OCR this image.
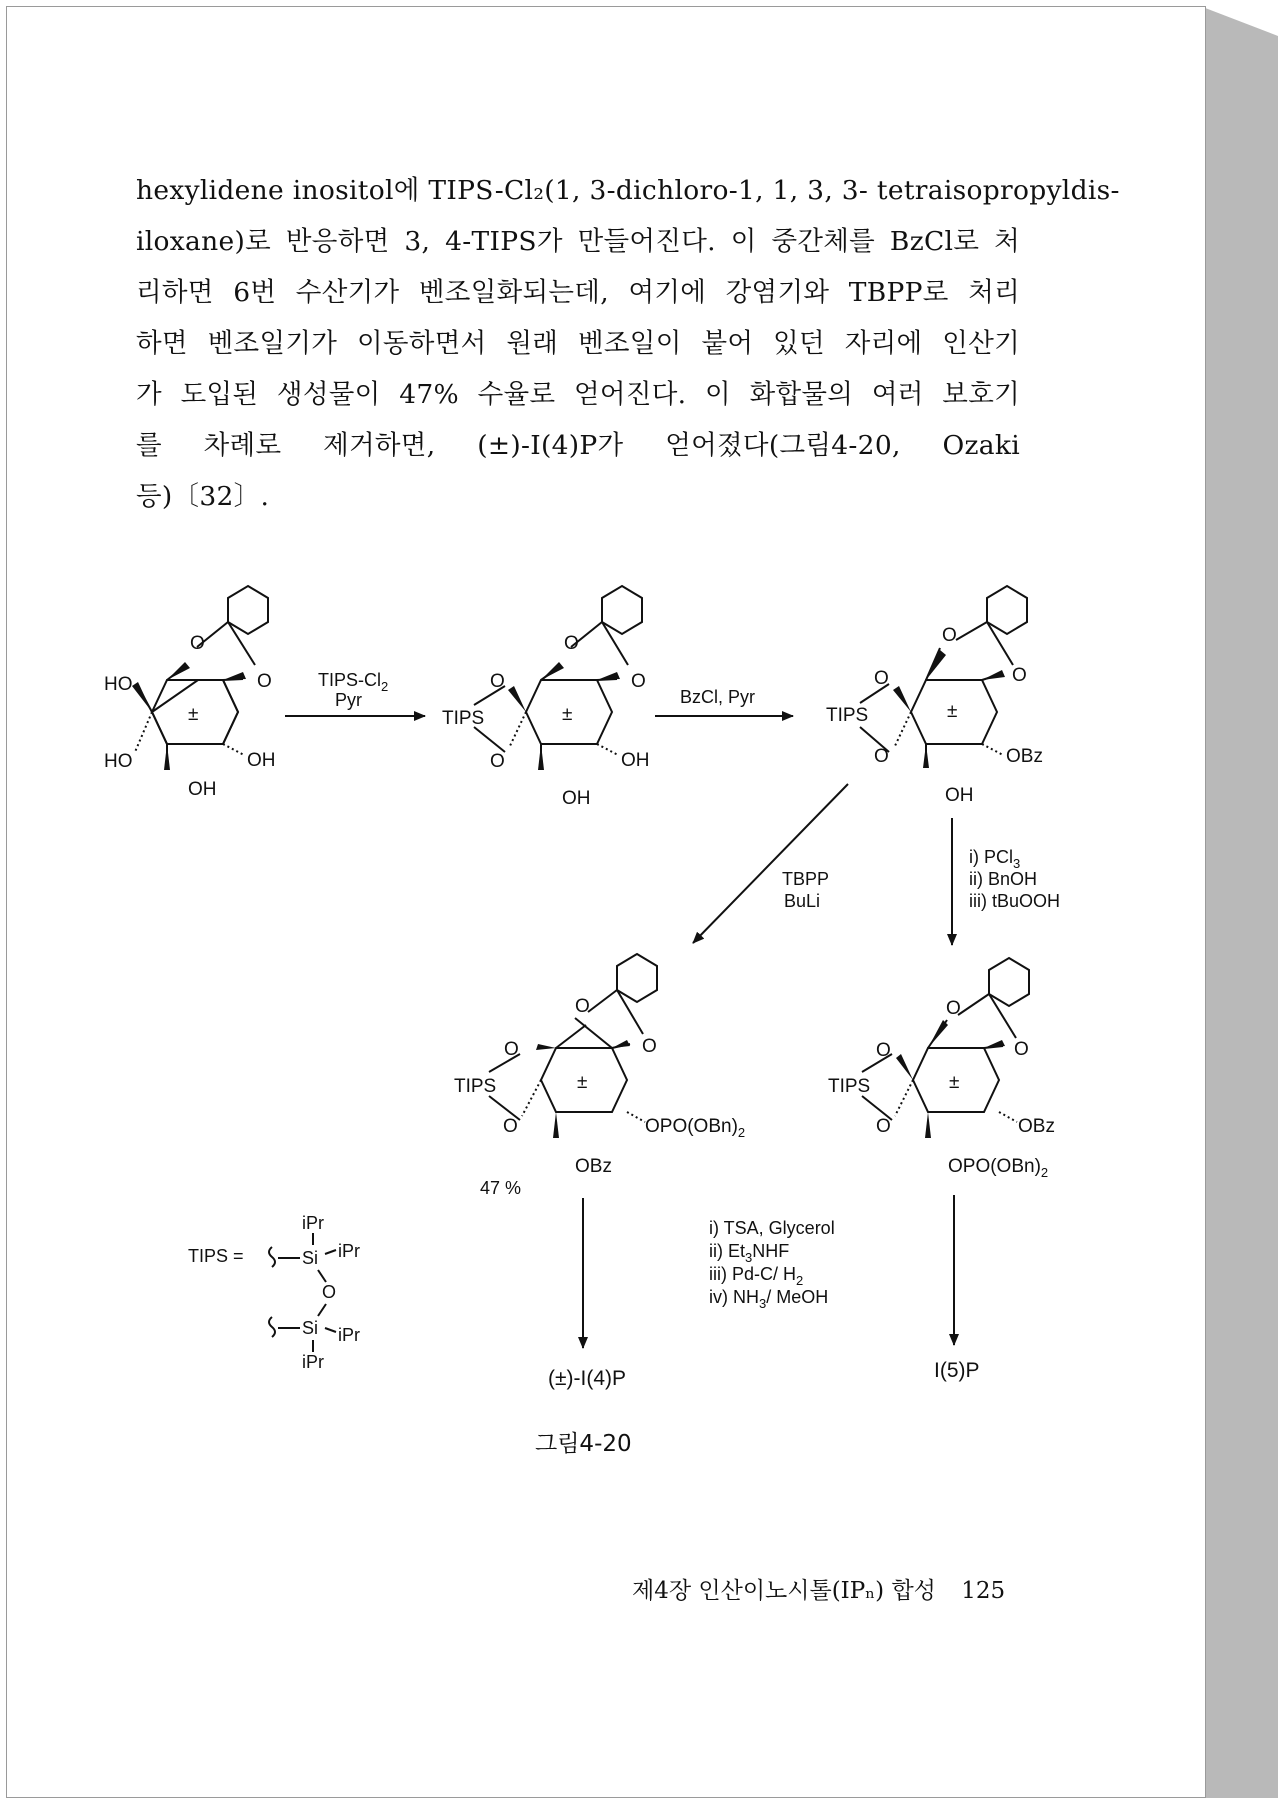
hexylidene inositol에 TIPS-Cl₂(1, 3-dichloro-1, 1, 3, 3- tetraisopropyldis-
iloxane)로 반응하면 3, 4-TIPS가 만들어진다. 이 중간체를 BzCl로 처
리하면 6번 수산기가 벤조일화되는데, 여기에 강염기와 TBPP로 처리
하면 벤조일기가 이동하면서 원래 벤조일이 붙어 있던 자리에 인산기
가 도입된 생성물이 47% 수율로 얻어진다. 이 화합물의 여러 보호기
를 차례로 제거하면, (±)-I(4)P가 얻어졌다(그림4-20, Ozaki
등)〔32〕.
O
O
HO
HO	OH
OH
±
TIPS-$Cl_2$
Pyr
O
O
O
O
TIPS
OH
OH
±
BzCl, Pyr
O
O
O
O
TIPS
OBz
OH
±
TBPP
BuLi
i) PCl$_3$
ii) BnOH
iii) tBuOOH
O
O
O
O
TIPS
$OPO(OBn)_2$
OBz
±
47 %
O
O
O
O
TIPS
OBz
$OPO(OBn)_2$
±
i) TSA, Glycerol
ii) $Et_3NHF$
iii) Pd-C/ $H_2$
iv) $NH_3/$ MeOH
(±)-I(4)P	I(5)P
TIPS =	Si
Si
O
iPr
iPr
iPr
iPr
그림4-20
제4장 인산이노시톨(IPₙ) 합성 125
